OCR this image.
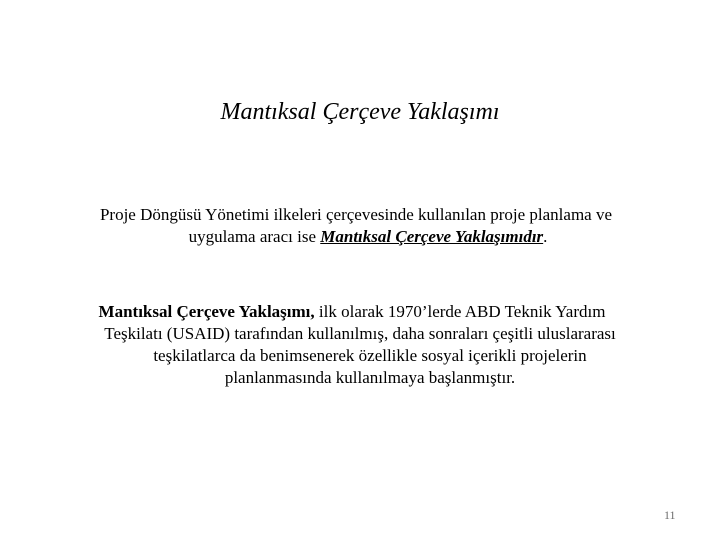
Mantıksal Çerçeve Yaklaşımı
Proje Döngüsü Yönetimi ilkeleri çerçevesinde kullanılan proje planlama ve
uygulama aracı ise Mantıksal Çerçeve Yaklaşımıdır.
Mantıksal Çerçeve Yaklaşımı, ilk olarak 1970’lerde ABD Teknik Yardım
Teşkilatı (USAID) tarafından kullanılmış, daha sonraları çeşitli uluslararası
teşkilatlarca da benimsenerek özellikle sosyal içerikli projelerin
planlanmasında kullanılmaya başlanmıştır.
11
